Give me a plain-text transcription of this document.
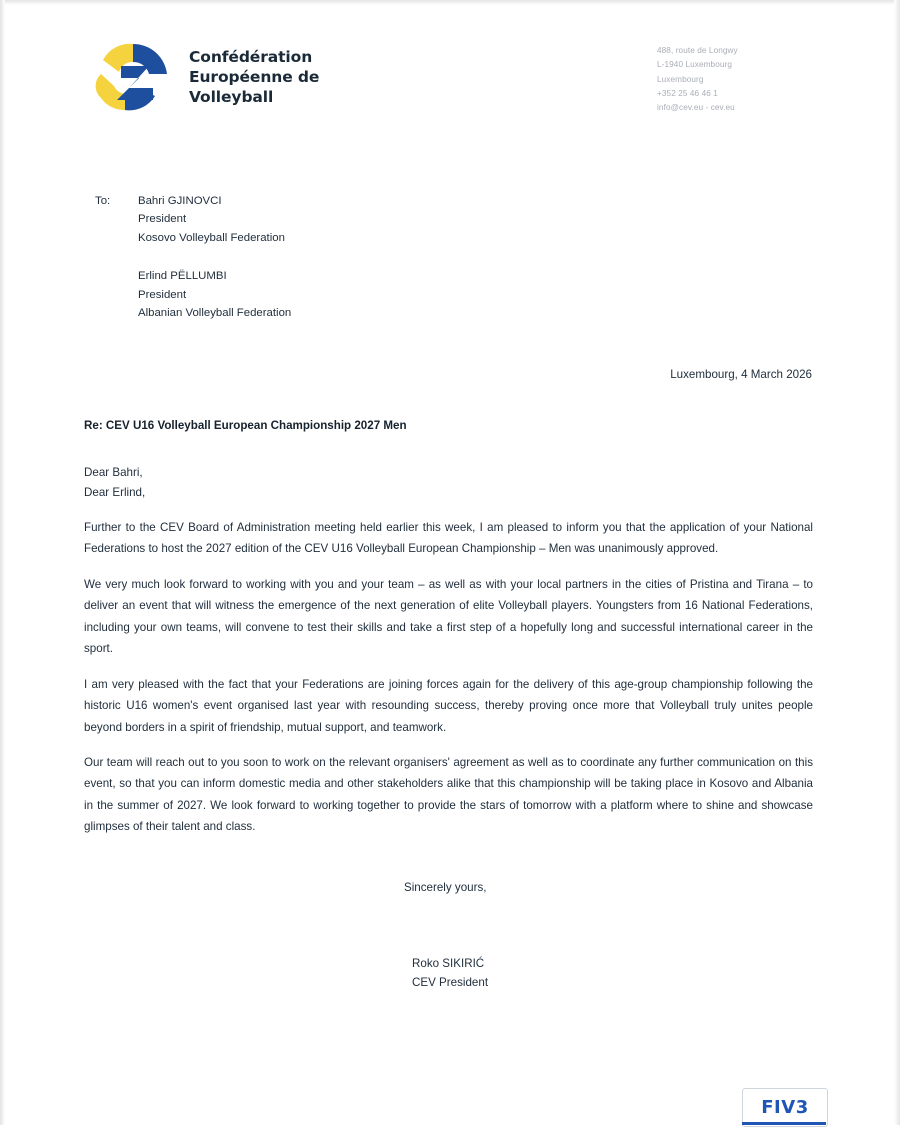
Confédération
Européenne de
Volleyball
488, route de Longwy
L-1940 Luxembourg
Luxembourg
+352 25 46 46 1
info@cev.eu - cev.eu
To:	Bahri GJINOVCI
President
Kosovo Volleyball Federation
Erlind PËLLUMBI
President
Albanian Volleyball Federation
Luxembourg, 4 March 2026
Re: CEV U16 Volleyball European Championship 2027 Men
Dear Bahri,
Dear Erlind,

Further to the CEV Board of Administration meeting held earlier this week, I am pleased to inform you that the application of your National Federations to host the 2027 edition of the CEV U16 Volleyball European Championship – Men was unanimously approved.

We very much look forward to working with you and your team – as well as with your local partners in the cities of Pristina and Tirana – to deliver an event that will witness the emergence of the next generation of elite Volleyball players. Youngsters from 16 National Federations, including your own teams, will convene to test their skills and take a first step of a hopefully long and successful international career in the sport.

I am very pleased with the fact that your Federations are joining forces again for the delivery of this age-group championship following the historic U16 women's event organised last year with resounding success, thereby proving once more that Volleyball truly unites people beyond borders in a spirit of friendship, mutual support, and teamwork.

Our team will reach out to you soon to work on the relevant organisers' agreement as well as to coordinate any further communication on this event, so that you can inform domestic media and other stakeholders alike that this championship will be taking place in Kosovo and Albania in the summer of 2027. We look forward to working together to provide the stars of tomorrow with a platform where to shine and showcase glimpses of their talent and class.

Sincerely yours,
Roko SIKIRIĆ
CEV President
FIV3
